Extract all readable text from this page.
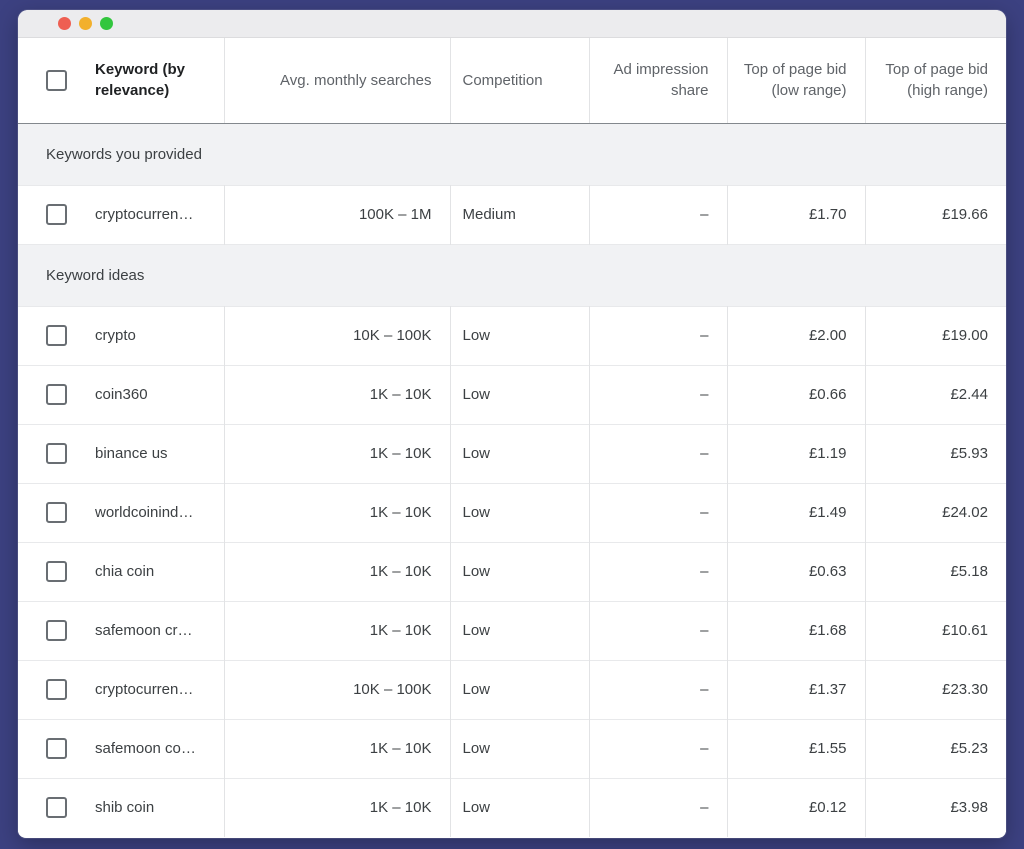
Keyword (by relevance)	Avg. monthly searches	Competition	Ad impression share	Top of page bid (low range)	Top of page bid (high range)
Keywords you provided					

cryptocurren…	100K – 1M	Medium	–	£1.70	£19.66
Keyword ideas					

crypto	10K – 100K	Low	–	£2.00	£19.00

coin360	1K – 10K	Low	–	£0.66	£2.44

binance us	1K – 10K	Low	–	£1.19	£5.93

worldcoinind…	1K – 10K	Low	–	£1.49	£24.02

chia coin	1K – 10K	Low	–	£0.63	£5.18

safemoon cr…	1K – 10K	Low	–	£1.68	£10.61

cryptocurren…	10K – 100K	Low	–	£1.37	£23.30

safemoon co…	1K – 10K	Low	–	£1.55	£5.23

shib coin	1K – 10K	Low	–	£0.12	£3.98
